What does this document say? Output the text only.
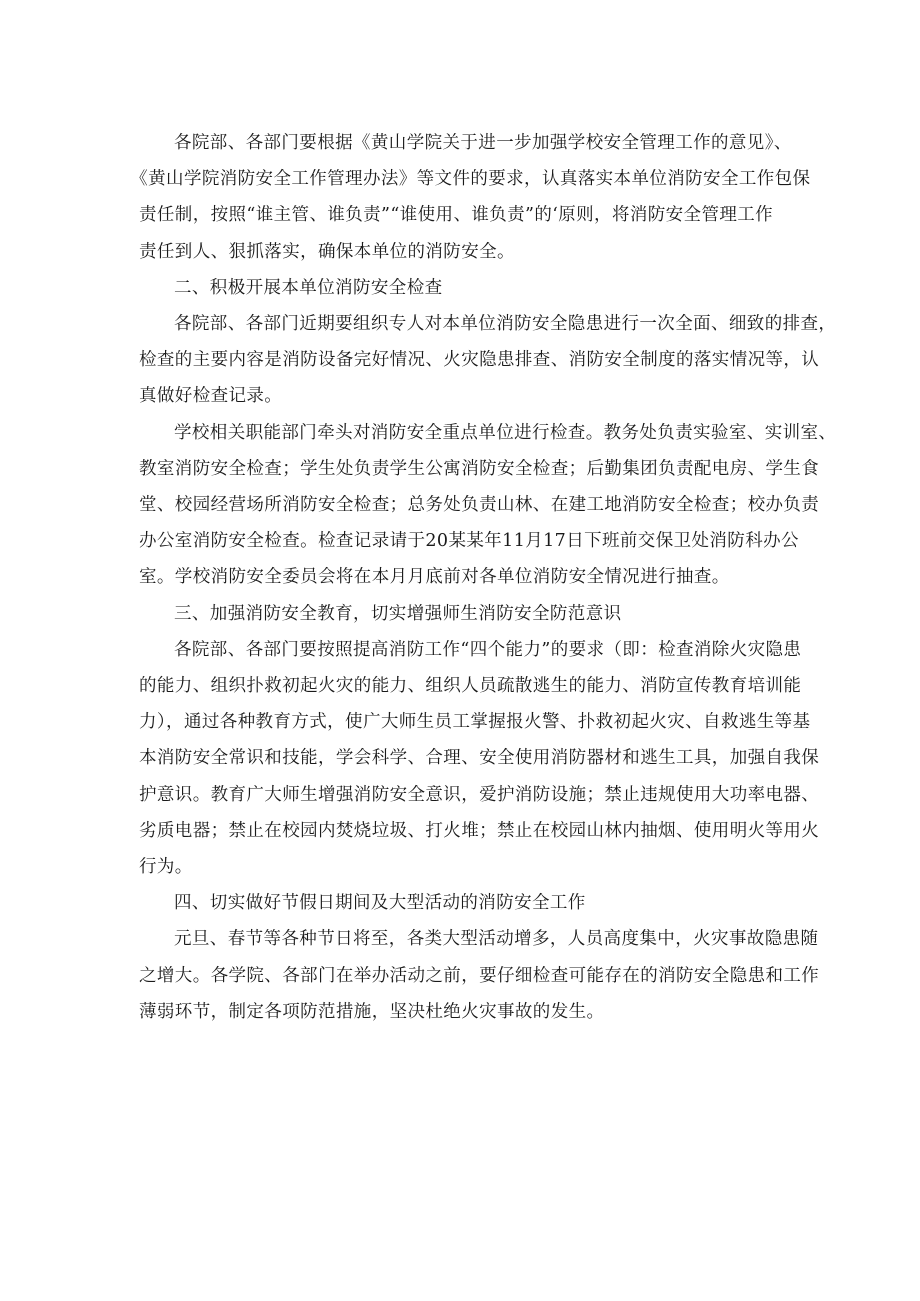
各院部、各部门要根据《黄山学院关于进一步加强学校安全管理工作的意见》、
《黄山学院消防安全工作管理办法》等文件的要求，认真落实本单位消防安全工作包保
责任制，按照“谁主管、谁负责”“谁使用、谁负责”的‘原则，将消防安全管理工作
责任到人、狠抓落实，确保本单位的消防安全。

二、积极开展本单位消防安全检查

各院部、各部门近期要组织专人对本单位消防安全隐患进行一次全面、细致的排查，
检查的主要内容是消防设备完好情况、火灾隐患排查、消防安全制度的落实情况等，认
真做好检查记录。

学校相关职能部门牵头对消防安全重点单位进行检查。教务处负责实验室、实训室、
教室消防安全检查；学生处负责学生公寓消防安全检查；后勤集团负责配电房、学生食
堂、校园经营场所消防安全检查；总务处负责山林、在建工地消防安全检查；校办负责
办公室消防安全检查。检查记录请于20某某年11月17日下班前交保卫处消防科办公
室。学校消防安全委员会将在本月月底前对各单位消防安全情况进行抽查。

三、加强消防安全教育，切实增强师生消防安全防范意识

各院部、各部门要按照提高消防工作“四个能力”的要求（即：检查消除火灾隐患
的能力、组织扑救初起火灾的能力、组织人员疏散逃生的能力、消防宣传教育培训能
力），通过各种教育方式，使广大师生员工掌握报火警、扑救初起火灾、自救逃生等基
本消防安全常识和技能，学会科学、合理、安全使用消防器材和逃生工具，加强自我保
护意识。教育广大师生增强消防安全意识，爱护消防设施；禁止违规使用大功率电器、
劣质电器；禁止在校园内焚烧垃圾、打火堆；禁止在校园山林内抽烟、使用明火等用火
行为。

四、切实做好节假日期间及大型活动的消防安全工作

元旦、春节等各种节日将至，各类大型活动增多，人员高度集中，火灾事故隐患随
之增大。各学院、各部门在举办活动之前，要仔细检查可能存在的消防安全隐患和工作
薄弱环节，制定各项防范措施，坚决杜绝火灾事故的发生。
